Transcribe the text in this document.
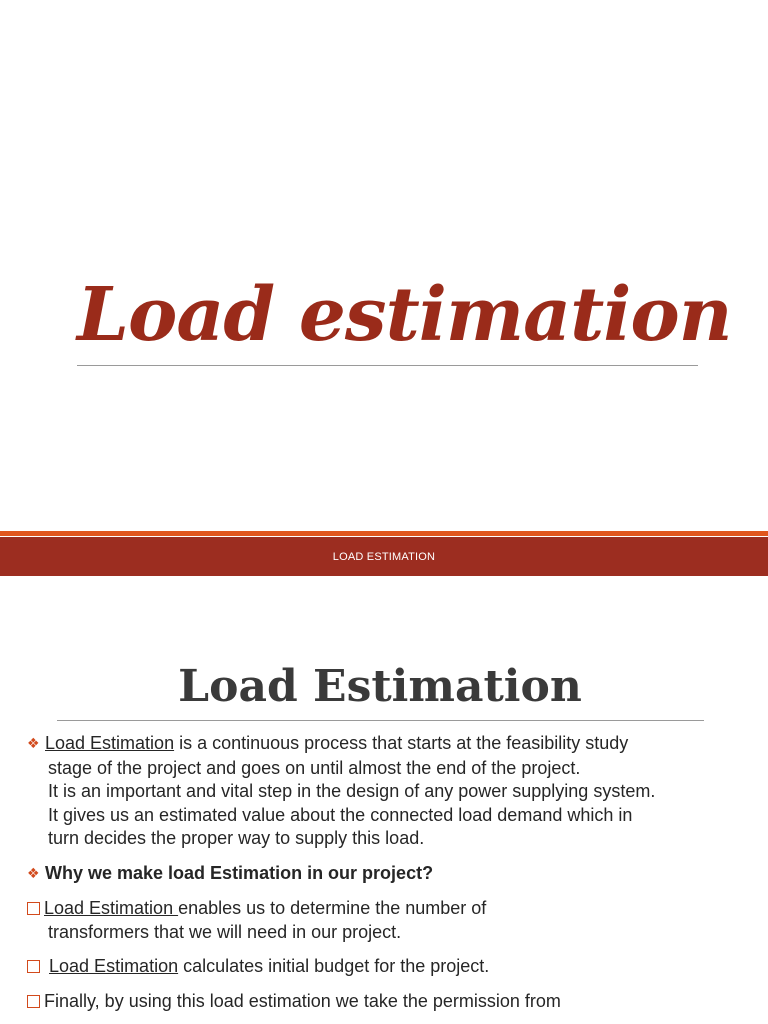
Load estimation
LOAD ESTIMATION
Load Estimation

❖ Load Estimation is a continuous process that starts at the feasibility study
stage of the project and goes on until almost the end of the project.
It is an important and vital step in the design of any power supplying system.
It gives us an estimated value about the connected load demand which in
turn decides the proper way to supply this load.

❖ Why we make load Estimation in our project?

Load Estimation enables us to determine the number of
transformers that we will need in our project.

Load Estimation calculates initial budget for the project.

Finally, by using this load estimation we take the permission from
